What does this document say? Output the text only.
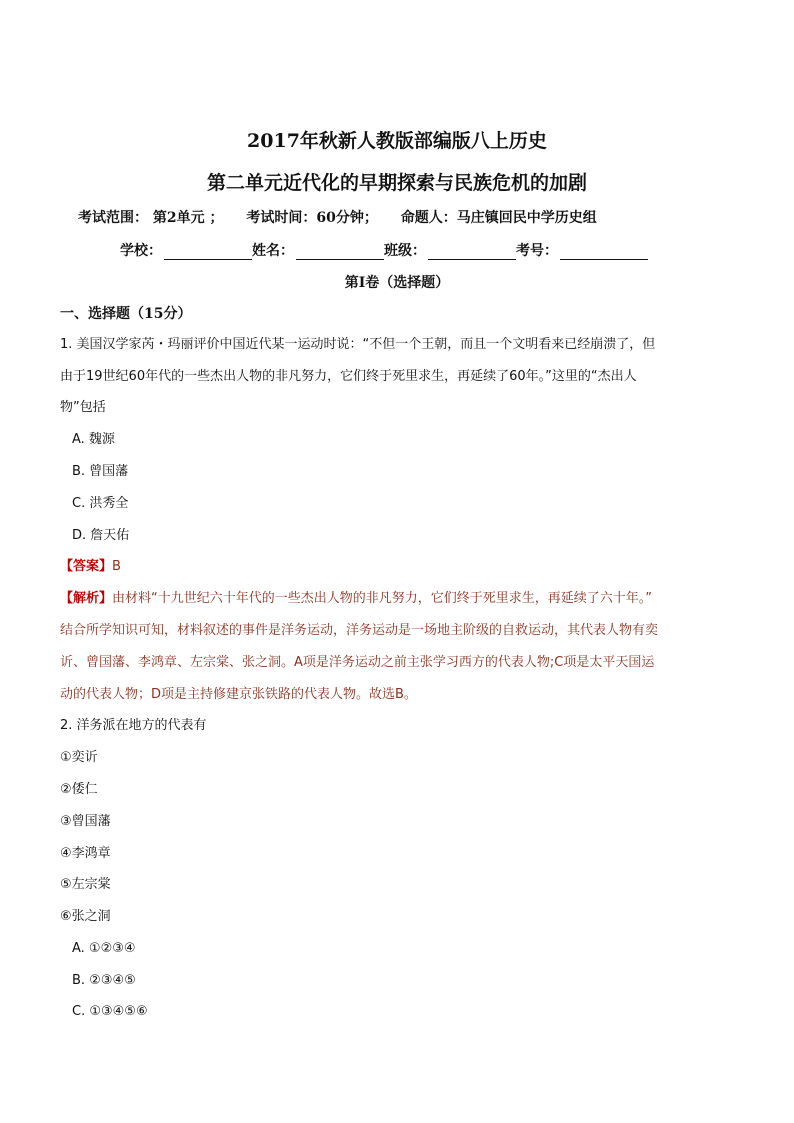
2017年秋新人教版部编版八上历史
第二单元近代化的早期探索与民族危机的加剧
考试范围： 第2单元 ； 考试时间：60分钟； 命题人：马庄镇回民中学历史组
学校：	姓名：	班级：	考号：
第I卷（选择题）
一、选择题（15分）
1. 美国汉学家芮・玛丽评价中国近代某一运动时说：“不但一个王朝，而且一个文明看来已经崩溃了，但
由于19世纪60年代的一些杰出人物的非凡努力，它们终于死里求生，再延续了60年。”这里的“杰出人
物”包括
A. 魏源
B. 曾国藩
C. 洪秀全
D. 詹天佑
【答案】B
【解析】由材料“十九世纪六十年代的一些杰出人物的非凡努力，它们终于死里求生，再延续了六十年。”
结合所学知识可知，材料叙述的事件是洋务运动，洋务运动是一场地主阶级的自救运动，其代表人物有奕
䜣、曾国藩、李鸿章、左宗棠、张之洞。A项是洋务运动之前主张学习西方的代表人物;C项是太平天国运
动的代表人物；D项是主持修建京张铁路的代表人物。故选B。
2. 洋务派在地方的代表有
①奕䜣
②倭仁
③曾国藩
④李鸿章
⑤左宗棠
⑥张之洞
A. ①②③④
B. ②③④⑤
C. ①③④⑤⑥
